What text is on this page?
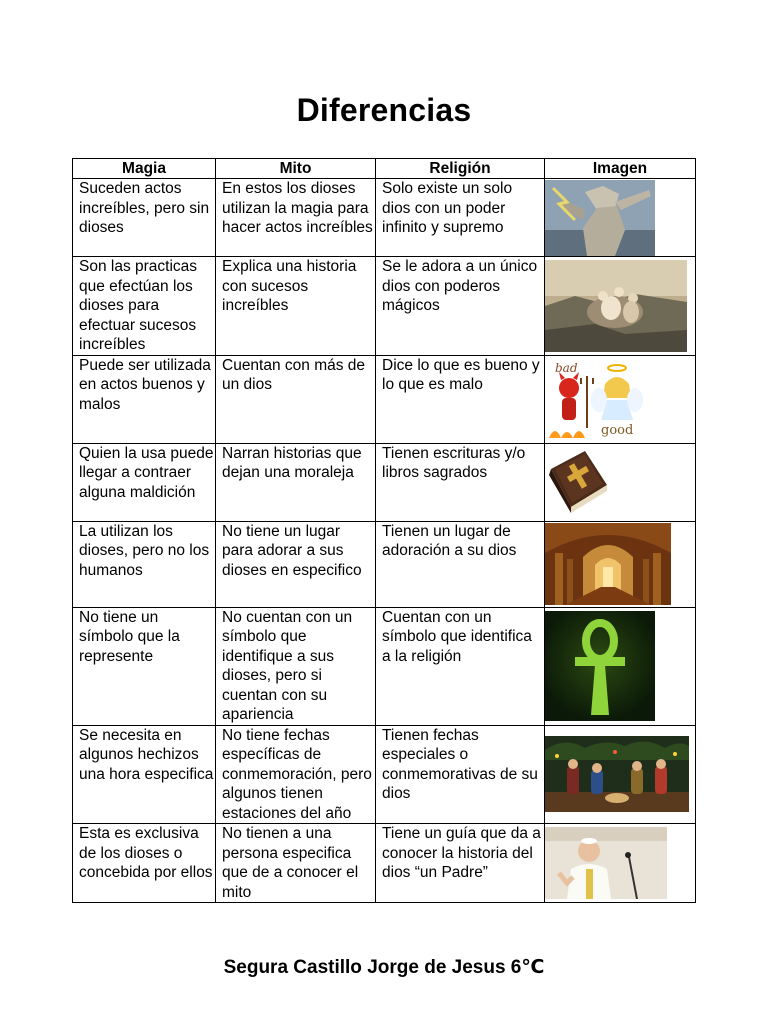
Diferencias
Magia	Mito	Religión	Imagen
Suceden actos increíbles, pero sin dioses	En estos los dioses utilizan la magia para hacer actos increíbles	Solo existe un solo dios con un poder infinito y supremo	

Son las practicas que efectúan los dioses para efectuar sucesos increíbles	Explica una historia con sucesos increíbles	Se le adora a un único dios con poderos mágicos	

Puede ser utilizada en actos buenos y malos	Cuentan con más de un dios	Dice lo que es bueno y lo que es malo	bad
good

Quien la usa puede llegar a contraer alguna maldición	Narran historias que dejan una moraleja	Tienen escrituras y/o libros sagrados	

La utilizan los dioses, pero no los humanos	No tiene un lugar para adorar a sus dioses en especifico	Tienen un lugar de adoración a su dios	

No tiene un símbolo que la represente	No cuentan con un símbolo que identifique a sus dioses, pero si cuentan con su apariencia	Cuentan con un símbolo que identifica a la religión	

Se necesita en algunos hechizos una hora especifica	No tiene fechas específicas de conmemoración, pero algunos tienen estaciones del año	Tienen fechas especiales o conmemorativas de su dios	

Esta es exclusiva de los dioses o concebida por ellos	No tienen a una persona especifica que de a conocer el mito	Tiene un guía que da a conocer la historia del dios “un Padre”	
Segura Castillo Jorge de Jesus 6℃
